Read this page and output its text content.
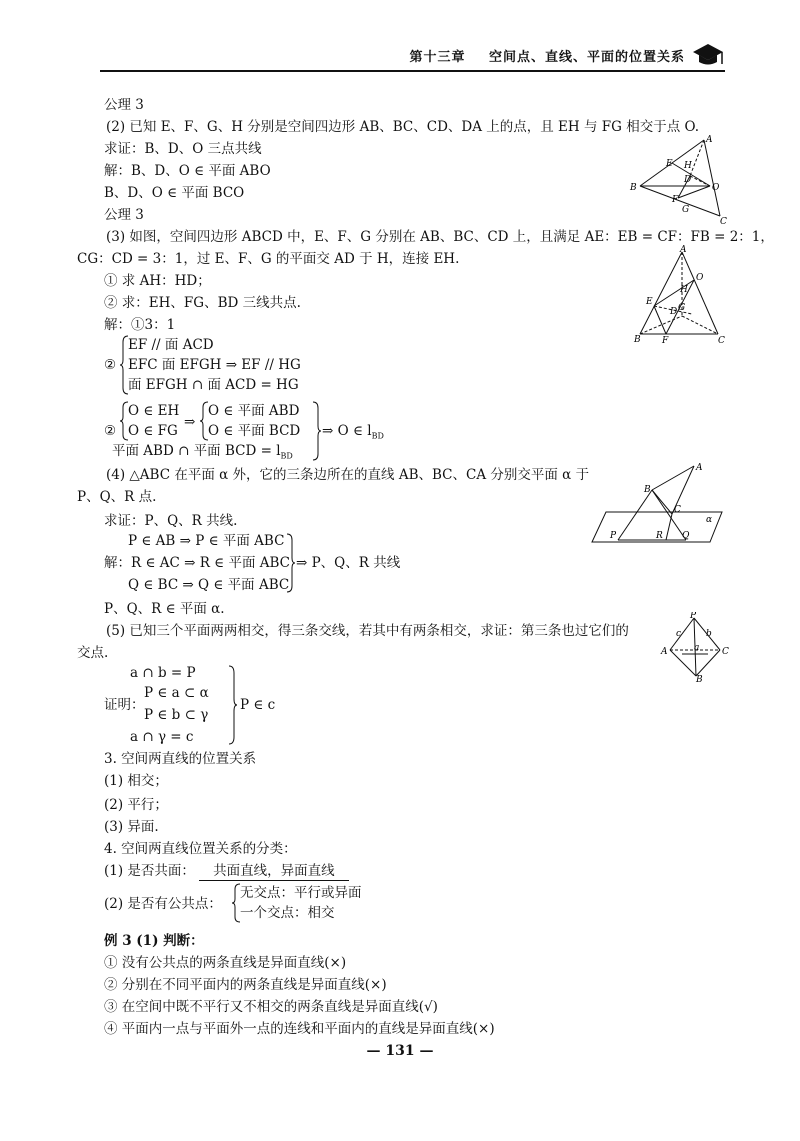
第十三章 空间点、直线、平面的位置关系
公理 3
(2) 已知 E、F、G、H 分别是空间四边形 AB、BC、CD、DA 上的点，且 EH 与 FG 相交于点 O.
求证：B、D、O 三点共线
解：B、D、O ∈ 平面 ABO
B、D、O ∈ 平面 BCO
公理 3
(3) 如图，空间四边形 ABCD 中，E、F、G 分别在 AB、BC、CD 上，且满足 AE：EB = CF：FB = 2：1，
CG：CD = 3：1，过 E、F、G 的平面交 AD 于 H，连接 EH.
① 求 AH：HD；
② 求：EH、FG、BD 三线共点.
解：①3：1
②
EF // 面 ACD
EFC 面 EFGH ⇒ EF // HG
面 EFGH ∩ 面 ACD = HG
②
O ∈ EH
O ∈ FG
⇒
O ∈ 平面 ABD
O ∈ 平面 BCD ⇒ O ∈ $l_{BD}$
平面 ABD ∩ 平面 BCD = $l_{BD}$
(4) △ABC 在平面 α 外，它的三条边所在的直线 AB、BC、CA 分别交平面 α 于
P、Q、R 点.
求证：P、Q、R 共线.
P ∈ AB ⇒ P ∈ 平面 ABC
解：R ∈ AC ⇒ R ∈ 平面 ABC
Q ∈ BC ⇒ Q ∈ 平面 ABC
⇒ P、Q、R 共线
P、Q、R ∈ 平面 α.
(5) 已知三个平面两两相交，得三条交线，若其中有两条相交，求证：第三条也过它们的
交点.
a ∩ b = P
P ∈ a ⊂ α
证明：
P ∈ b ⊂ γ
a ∩ γ = c
P ∈ c
3. 空间两直线的位置关系
(1) 相交；
(2) 平行；
(3) 异面.
4. 空间两直线位置关系的分类：
(1) 是否共面： 共面直线，异面直线
(2) 是否有公共点：
无交点：平行或异面
一个交点：相交
例 3 (1) 判断：
① 没有公共点的两条直线是异面直线(×)
② 分别在不同平面内的两条直线是异面直线(×)
③ 在空间中既不平行又不相交的两条直线是异面直线(√)
④ 平面内一点与平面外一点的连线和平面内的直线是异面直线(×)
A
E H
B
D
O
F
G
C
A
O
H
E
G
D
B F	C
A
B
C
α
P	R Q
P
c	b
a
A	C
B
— 131 —
